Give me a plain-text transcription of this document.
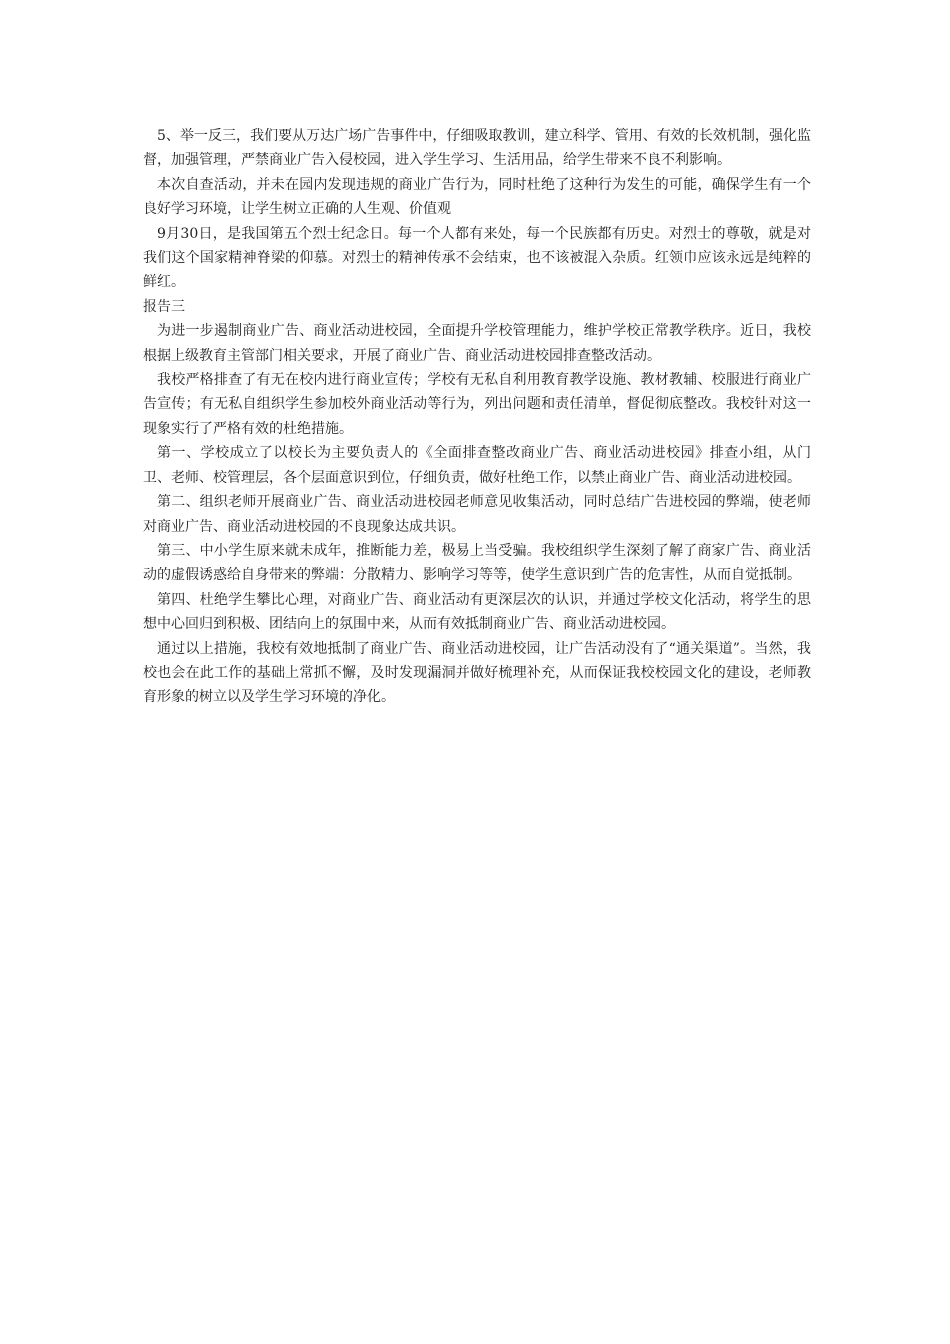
5、举一反三，我们要从万达广场广告事件中，仔细吸取教训，建立科学、管用、有效的长效机制，强化监督，加强管理，严禁商业广告入侵校园，进入学生学习、生活用品，给学生带来不良不利影响。

本次自查活动，并未在园内发现违规的商业广告行为，同时杜绝了这种行为发生的可能，确保学生有一个良好学习环境，让学生树立正确的人生观、价值观

9月30日，是我国第五个烈士纪念日。每一个人都有来处，每一个民族都有历史。对烈士的尊敬，就是对我们这个国家精神脊梁的仰慕。对烈士的精神传承不会结束，也不该被混入杂质。红领巾应该永远是纯粹的鲜红。

报告三

为进一步遏制商业广告、商业活动进校园，全面提升学校管理能力，维护学校正常教学秩序。近日，我校根据上级教育主管部门相关要求，开展了商业广告、商业活动进校园排查整改活动。

我校严格排查了有无在校内进行商业宣传；学校有无私自利用教育教学设施、教材教辅、校服进行商业广告宣传；有无私自组织学生参加校外商业活动等行为，列出问题和责任清单，督促彻底整改。我校针对这一现象实行了严格有效的杜绝措施。

第一、学校成立了以校长为主要负责人的《全面排查整改商业广告、商业活动进校园》排查小组，从门卫、老师、校管理层，各个层面意识到位，仔细负责，做好杜绝工作，以禁止商业广告、商业活动进校园。

第二、组织老师开展商业广告、商业活动进校园老师意见收集活动，同时总结广告进校园的弊端，使老师对商业广告、商业活动进校园的不良现象达成共识。

第三、中小学生原来就未成年，推断能力差，极易上当受骗。我校组织学生深刻了解了商家广告、商业活动的虚假诱惑给自身带来的弊端：分散精力、影响学习等等，使学生意识到广告的危害性，从而自觉抵制。

第四、杜绝学生攀比心理，对商业广告、商业活动有更深层次的认识，并通过学校文化活动，将学生的思想中心回归到积极、团结向上的氛围中来，从而有效抵制商业广告、商业活动进校园。

通过以上措施，我校有效地抵制了商业广告、商业活动进校园，让广告活动没有了“通关渠道”。当然，我校也会在此工作的基础上常抓不懈，及时发现漏洞并做好梳理补充，从而保证我校校园文化的建设，老师教育形象的树立以及学生学习环境的净化。
